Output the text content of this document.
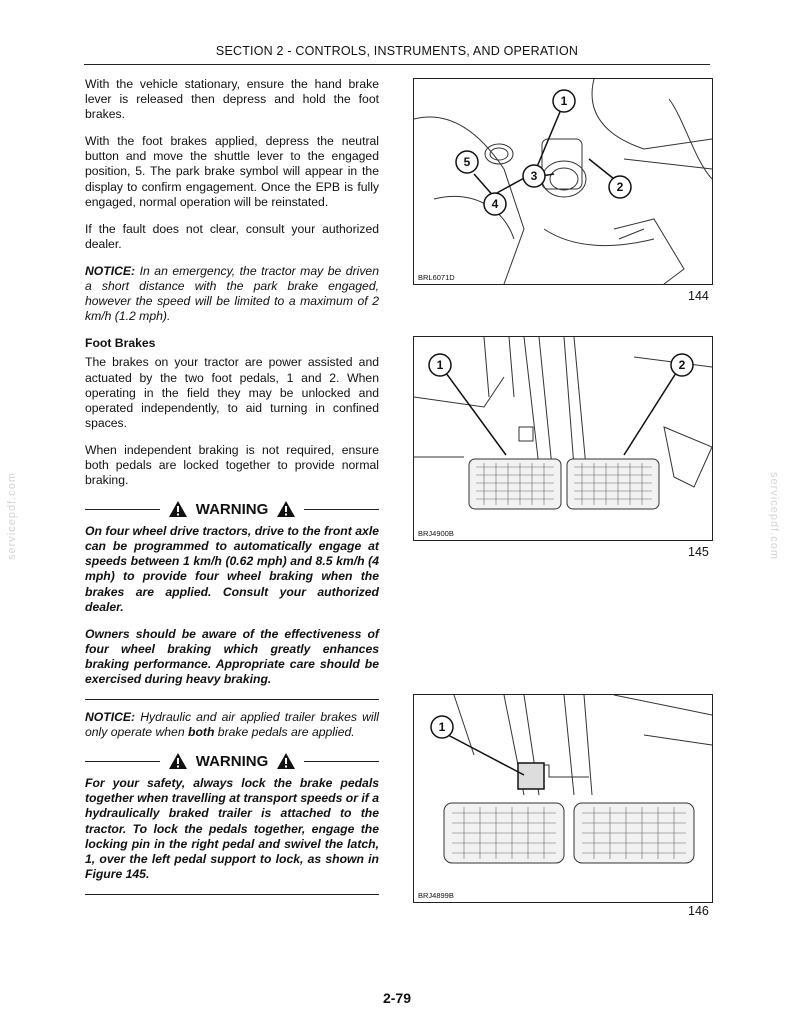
SECTION 2 - CONTROLS, INSTRUMENTS, AND OPERATION

With the vehicle stationary, ensure the hand brake lever is released then depress and hold the foot brakes.

With the foot brakes applied, depress the neutral button and move the shuttle lever to the engaged position, 5. The park brake symbol will appear in the display to confirm engagement. Once the EPB is fully engaged, normal operation will be reinstated.

If the fault does not clear, consult your authorized dealer.

NOTICE: In an emergency, the tractor may be driven a short distance with the park brake engaged, however the speed will be limited to a maximum of 2 km/h (1.2 mph).

Foot Brakes

The brakes on your tractor are power assisted and actuated by the two foot pedals, 1 and 2. When operating in the field they may be unlocked and operated independently, to aid turning in confined spaces.

When independent braking is not required, ensure both pedals are locked together to provide normal braking.

WARNING

On four wheel drive tractors, drive to the front axle can be programmed to automatically engage at speeds between 1 km/h (0.62 mph) and 8.5 km/h (4 mph) to provide four wheel braking when the brakes are applied. Consult your authorized dealer.

Owners should be aware of the effectiveness of four wheel braking which greatly enhances braking performance. Appropriate care should be exercised during heavy braking.

NOTICE: Hydraulic and air applied trailer brakes will only operate when both brake pedals are applied.

WARNING

For your safety, always lock the brake pedals together when travelling at transport speeds or if a hydraulically braked trailer is attached to the tractor. To lock the pedals together, engage the locking pin in the right pedal and swivel the latch, 1, over the left pedal support to lock, as shown in Figure 145.

1
2
3
4
5
BRL6071D
144
1	2
BRJ4900B
145
1
BRJ4899B
146
servicepdf.com	servicepdf.com
2-79
